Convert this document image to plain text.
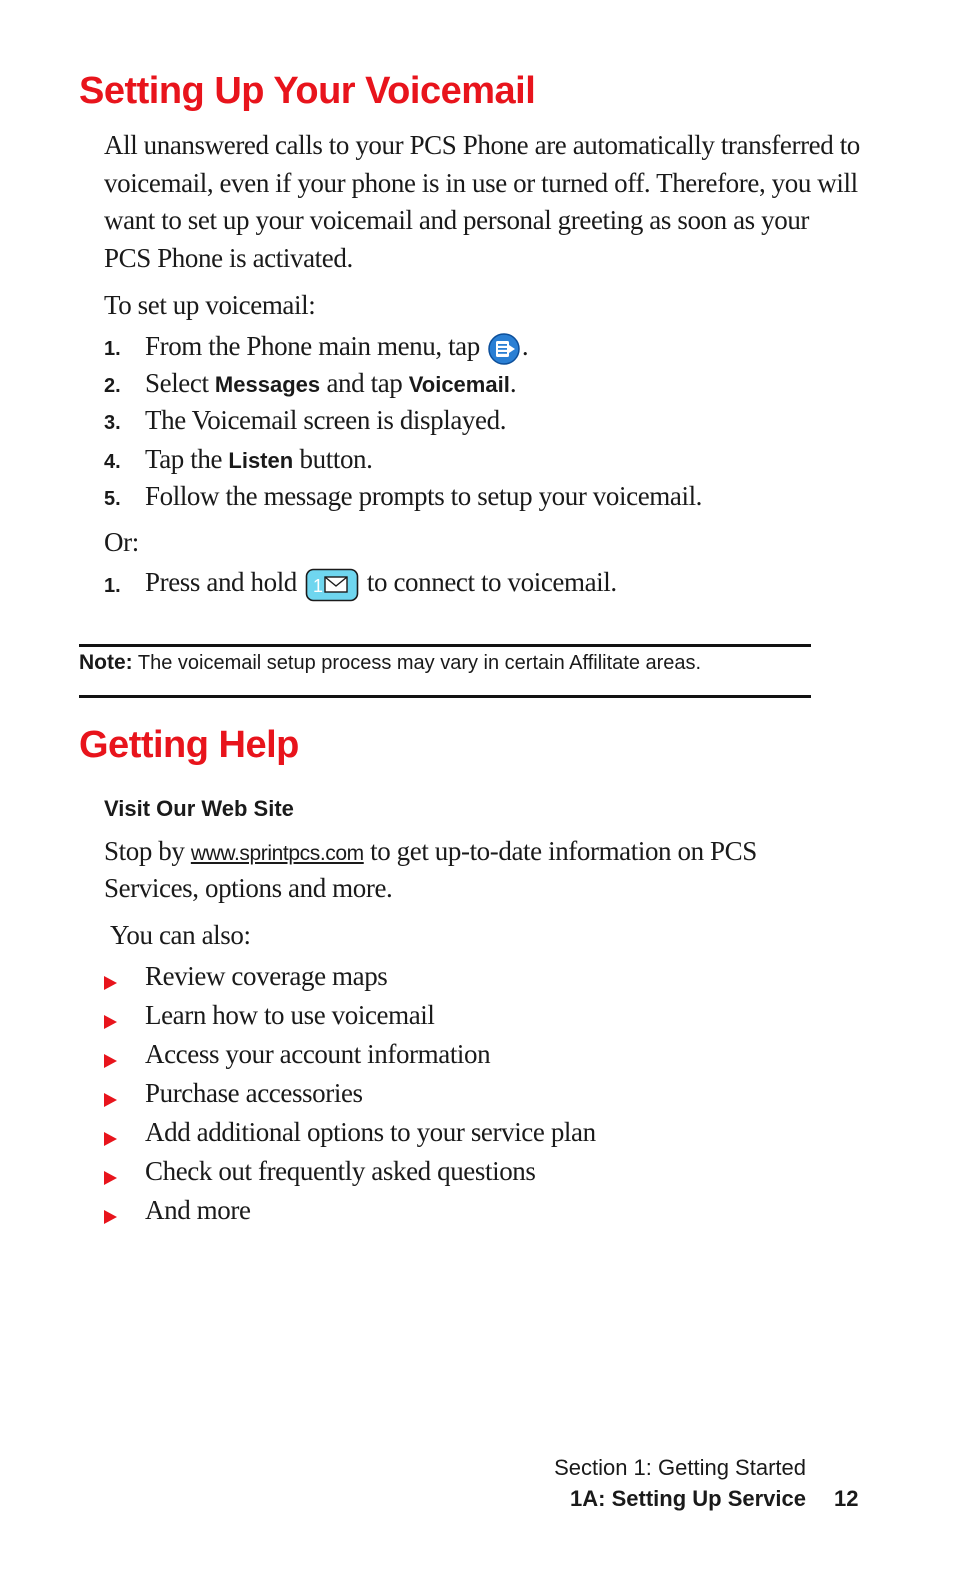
Setting Up Your Voicemail
All unanswered calls to your PCS Phone are automatically transferred to
voicemail, even if your phone is in use or turned off. Therefore, you will
want to set up your voicemail and personal greeting as soon as your
PCS Phone is activated.
To set up voicemail:
1. From the Phone main menu, tap .
2. Select Messages and tap Voicemail.
3. The Voicemail screen is displayed.
4. Tap the Listen button.
5. Follow the message prompts to setup your voicemail.
Or:
1. Press and hold 1 to connect to voicemail.
Note: The voicemail setup process may vary in certain Affilitate areas.
Getting Help
Visit Our Web Site
Stop by www.sprintpcs.com to get up-to-date information on PCS
Services, options and more.
You can also:
Review coverage maps
Learn how to use voicemail
Access your account information
Purchase accessories
Add additional options to your service plan
Check out frequently asked questions
And more
Section 1: Getting Started
1A: Setting Up Service 12
